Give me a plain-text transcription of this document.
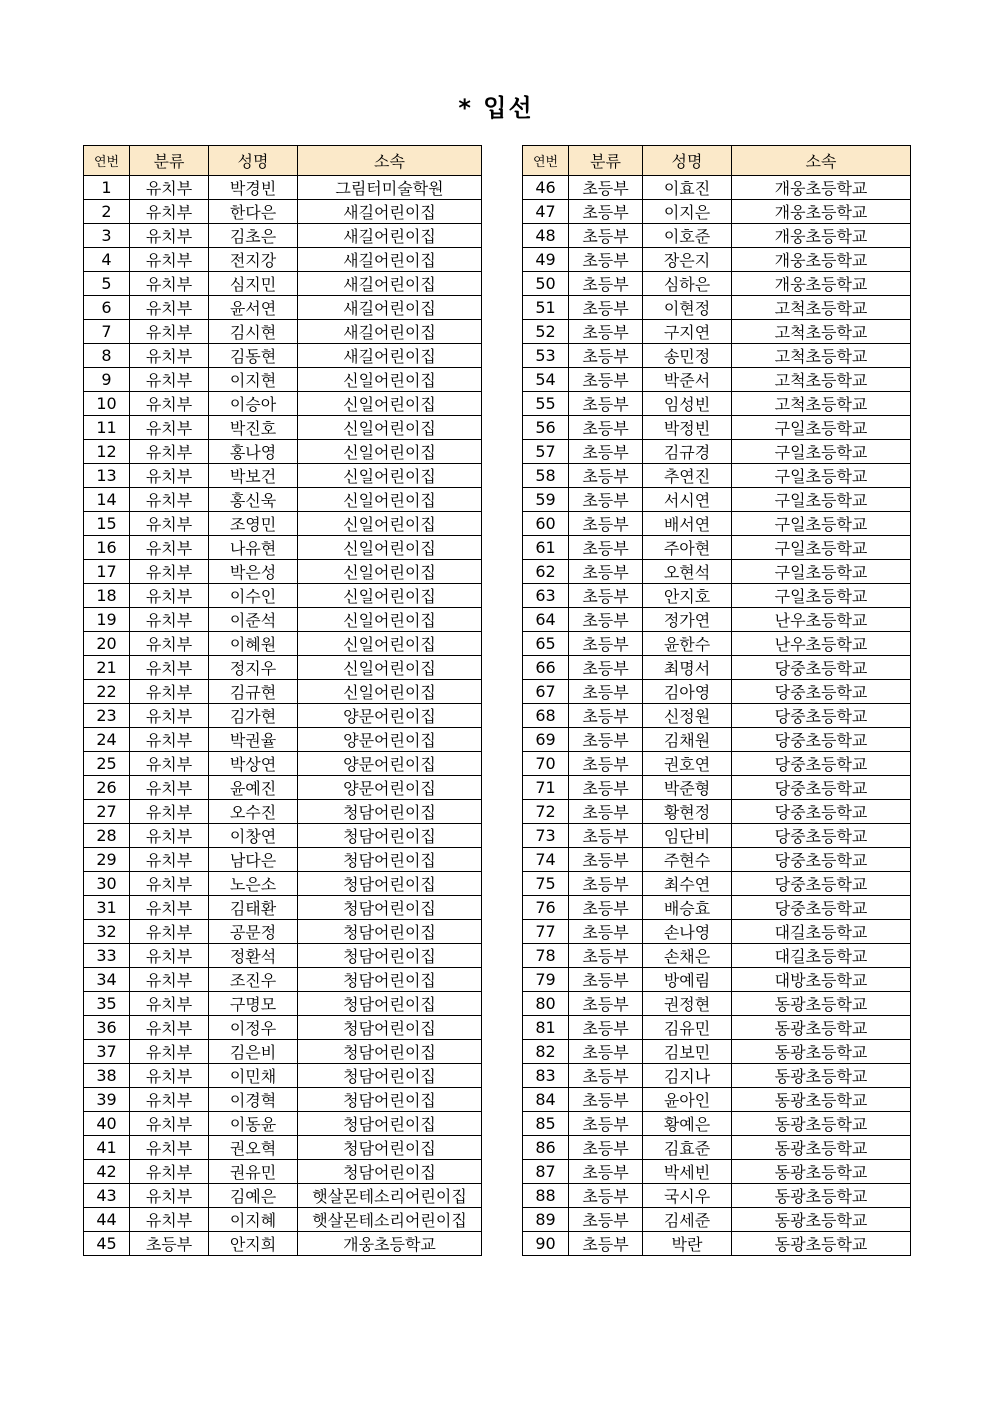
* 입선
연번	분류	성명	소속
1	유치부	박경빈	그림터미술학원
2	유치부	한다은	새길어린이집
3	유치부	김초은	새길어린이집
4	유치부	전지강	새길어린이집
5	유치부	심지민	새길어린이집
6	유치부	윤서연	새길어린이집
7	유치부	김시현	새길어린이집
8	유치부	김동현	새길어린이집
9	유치부	이지현	신일어린이집
10	유치부	이승아	신일어린이집
11	유치부	박진호	신일어린이집
12	유치부	홍나영	신일어린이집
13	유치부	박보건	신일어린이집
14	유치부	홍신욱	신일어린이집
15	유치부	조영민	신일어린이집
16	유치부	나유현	신일어린이집
17	유치부	박은성	신일어린이집
18	유치부	이수인	신일어린이집
19	유치부	이준석	신일어린이집
20	유치부	이혜원	신일어린이집
21	유치부	정지우	신일어린이집
22	유치부	김규현	신일어린이집
23	유치부	김가현	양문어린이집
24	유치부	박권율	양문어린이집
25	유치부	박상연	양문어린이집
26	유치부	윤예진	양문어린이집
27	유치부	오수진	청담어린이집
28	유치부	이창연	청담어린이집
29	유치부	남다은	청담어린이집
30	유치부	노은소	청담어린이집
31	유치부	김태환	청담어린이집
32	유치부	공문정	청담어린이집
33	유치부	정환석	청담어린이집
34	유치부	조진우	청담어린이집
35	유치부	구명모	청담어린이집
36	유치부	이정우	청담어린이집
37	유치부	김은비	청담어린이집
38	유치부	이민채	청담어린이집
39	유치부	이경혁	청담어린이집
40	유치부	이동윤	청담어린이집
41	유치부	권오혁	청담어린이집
42	유치부	권유민	청담어린이집
43	유치부	김예은	햇살몬테소리어린이집
44	유치부	이지혜	햇살몬테소리어린이집
45	초등부	안지희	개웅초등학교
연번	분류	성명	소속
46	초등부	이효진	개웅초등학교
47	초등부	이지은	개웅초등학교
48	초등부	이호준	개웅초등학교
49	초등부	장은지	개웅초등학교
50	초등부	심하은	개웅초등학교
51	초등부	이현정	고척초등학교
52	초등부	구지연	고척초등학교
53	초등부	송민정	고척초등학교
54	초등부	박준서	고척초등학교
55	초등부	임성빈	고척초등학교
56	초등부	박정빈	구일초등학교
57	초등부	김규경	구일초등학교
58	초등부	추연진	구일초등학교
59	초등부	서시연	구일초등학교
60	초등부	배서연	구일초등학교
61	초등부	주아현	구일초등학교
62	초등부	오현석	구일초등학교
63	초등부	안지호	구일초등학교
64	초등부	정가연	난우초등학교
65	초등부	윤한수	난우초등학교
66	초등부	최명서	당중초등학교
67	초등부	김아영	당중초등학교
68	초등부	신정원	당중초등학교
69	초등부	김채원	당중초등학교
70	초등부	권호연	당중초등학교
71	초등부	박준형	당중초등학교
72	초등부	황현정	당중초등학교
73	초등부	임단비	당중초등학교
74	초등부	주현수	당중초등학교
75	초등부	최수연	당중초등학교
76	초등부	배승효	당중초등학교
77	초등부	손나영	대길초등학교
78	초등부	손채은	대길초등학교
79	초등부	방예림	대방초등학교
80	초등부	권정현	동광초등학교
81	초등부	김유민	동광초등학교
82	초등부	김보민	동광초등학교
83	초등부	김지나	동광초등학교
84	초등부	윤아인	동광초등학교
85	초등부	황예은	동광초등학교
86	초등부	김효준	동광초등학교
87	초등부	박세빈	동광초등학교
88	초등부	국시우	동광초등학교
89	초등부	김세준	동광초등학교
90	초등부	박란	동광초등학교
